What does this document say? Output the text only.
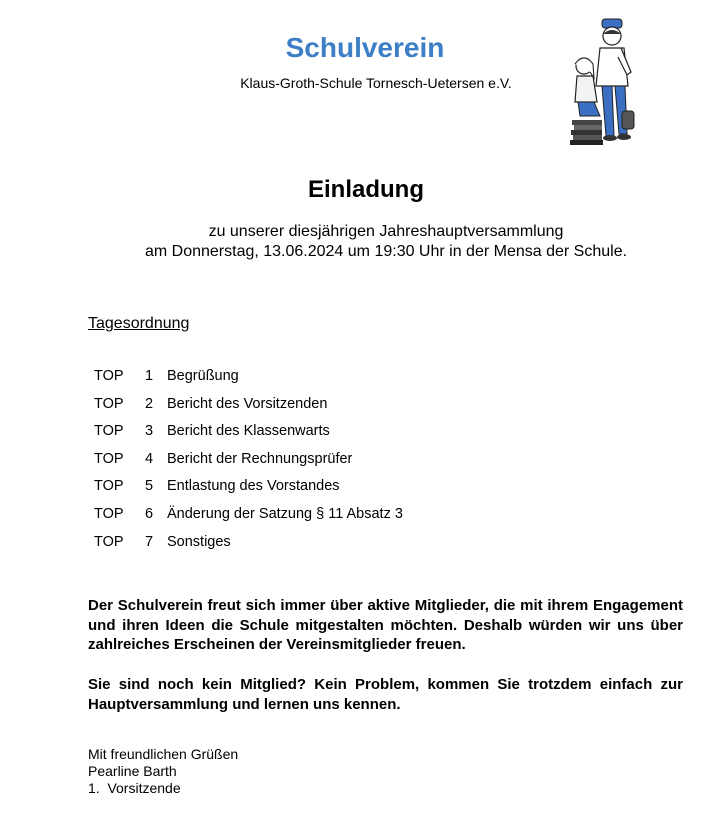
Schulverein
Klaus-Groth-Schule Tornesch-Uetersen e.V.
Einladung
zu unserer diesjährigen Jahreshauptversammlung
am Donnerstag, 13.06.2024 um 19:30 Uhr in der Mensa der Schule.
Tagesordnung
TOP 1 Begrüßung
TOP 2 Bericht des Vorsitzenden
TOP 3 Bericht des Klassenwarts
TOP 4 Bericht der Rechnungsprüfer
TOP 5 Entlastung des Vorstandes
TOP 6 Änderung der Satzung § 11 Absatz 3
TOP 7 Sonstiges

Der Schulverein freut sich immer über aktive Mitglieder, die mit ihrem Engagement und ihren Ideen die Schule mitgestalten möchten. Deshalb würden wir uns über zahlreiches Erscheinen der Vereinsmitglieder freuen.

Sie sind noch kein Mitglied? Kein Problem, kommen Sie trotzdem einfach zur Hauptversammlung und lernen uns kennen.

Mit freundlichen Grüßen
Pearline Barth
1.  Vorsitzende
